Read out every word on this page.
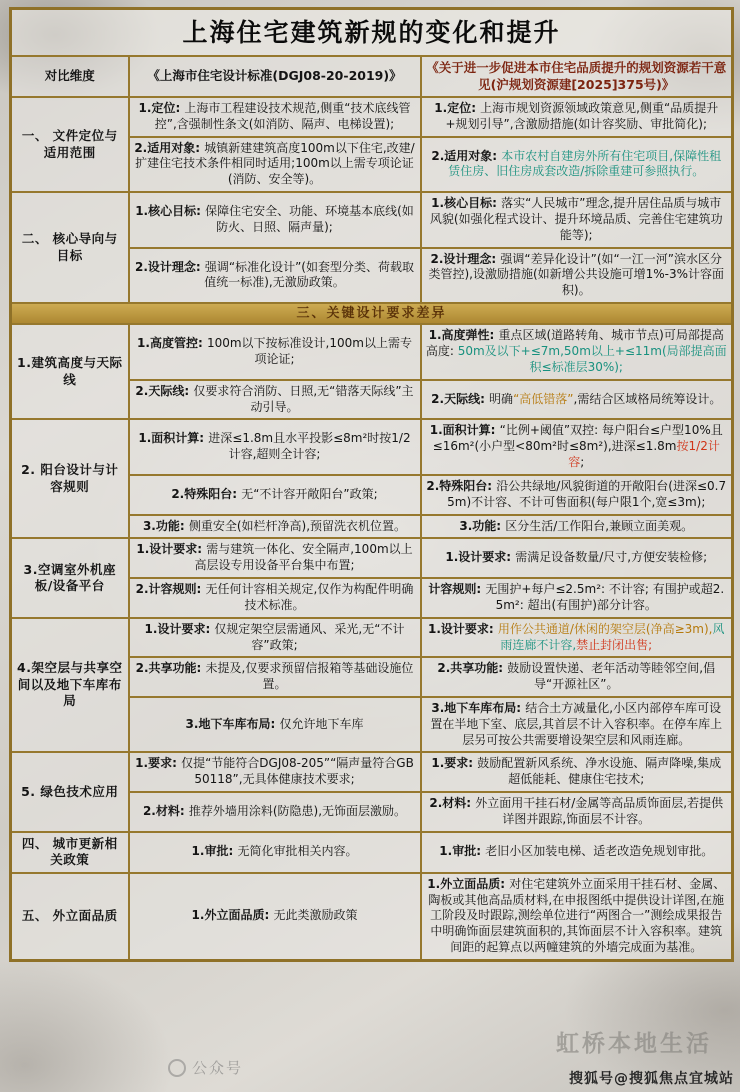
上海住宅建筑新规的变化和提升		
对比维度	《上海市住宅设计标准(DGJ08-20-2019)》	《关于进一步促进本市住宅品质提升的规划资源若干意见(沪规划资源建[2025]375号)》
一、 文件定位与适用范围	1.定位: 上海市工程建设技术规范,侧重“技术底线管控”,含强制性条文(如消防、隔声、电梯设置);	1.定位: 上海市规划资源领域政策意见,侧重“品质提升+规划引导”,含激励措施(如计容奖励、审批简化);
	2.适用对象: 城镇新建建筑高度100m以下住宅,改建/扩建住宅技术条件相同时适用;100m以上需专项论证(消防、安全等)。	2.适用对象: 本市农村自建房外所有住宅项目,保障性租赁住房、旧住房成套改造/拆除重建可参照执行。
二、 核心导向与目标	1.核心目标: 保障住宅安全、功能、环境基本底线(如防火、日照、隔声量);	1.核心目标: 落实“人民城市”理念,提升居住品质与城市风貌(如强化程式设计、提升环境品质、完善住宅建筑功能等);
	2.设计理念: 强调“标准化设计”(如套型分类、荷载取值统一标准),无激励政策。	2.设计理念: 强调“差异化设计”(如“一江一河”滨水区分类管控),设激励措施(如新增公共设施可增1%-3%计容面积)。
三、关键设计要求差异		
1.建筑高度与天际线	1.高度管控: 100m以下按标准设计,100m以上需专项论证;	1.高度弹性: 重点区域(道路转角、城市节点)可局部提高高度: 50m及以下+≤7m,50m以上+≤11m(局部提高面积≤标准层30%);
	2.天际线: 仅要求符合消防、日照,无“错落天际线”主动引导。	2.天际线: 明确“高低错落”,需结合区域格局统筹设计。
2. 阳台设计与计容规则	1.面积计算: 进深≤1.8m且水平投影≤8m²时按1/2计容,超则全计容;	1.面积计算: “比例+阈值”双控: 每户阳台≤户型10%且≤16m²(小户型<80m²时≤8m²),进深≤1.8m按1/2计容;
	2.特殊阳台: 无“不计容开敞阳台”政策;	2.特殊阳台: 沿公共绿地/风貌街道的开敞阳台(进深≤0.75m)不计容、不计可售面积(每户限1个,宽≤3m);
	3.功能: 侧重安全(如栏杆净高),预留洗衣机位置。	3.功能: 区分生活/工作阳台,兼顾立面美观。
3.空调室外机座板/设备平台	1.设计要求: 需与建筑一体化、安全隔声,100m以上高层设专用设备平台集中布置;	1.设计要求: 需满足设备数量/尺寸,方便安装检修;
	2.计容规则: 无任何计容相关规定,仅作为构配件明确技术标准。	计容规则: 无围护+每户≤2.5m²: 不计容; 有围护或超2.5m²: 超出(有围护)部分计容。
4.架空层与共享空间以及地下车库布局	1.设计要求: 仅规定架空层需通风、采光,无“不计容”政策;	1.设计要求: 用作公共通道/休闲的架空层(净高≥3m),风雨连廊不计容,禁止封闭出售;
	2.共享功能: 未提及,仅要求预留信报箱等基础设施位置。	2.共享功能: 鼓励设置快递、老年活动等睦邻空间,倡导“开源社区”。
	3.地下车库布局: 仅允许地下车库	3.地下车库布局: 结合土方减量化,小区内部停车库可设置在半地下室、底层,其首层不计入容积率。在停车库上层另可按公共需要增设架空层和风雨连廊。
5. 绿色技术应用	1.要求: 仅提“节能符合DGJ08-205”“隔声量符合GB50118”,无具体健康技术要求;	1.要求: 鼓励配置新风系统、净水设施、隔声降噪,集成超低能耗、健康住宅技术;
	2.材料: 推荐外墙用涂料(防隐患),无饰面层激励。	2.材料: 外立面用干挂石材/金属等高品质饰面层,若提供详图并跟踪,饰面层不计容。
四、 城市更新相关政策	1.审批: 无简化审批相关内容。	1.审批: 老旧小区加装电梯、适老改造免规划审批。
五、 外立面品质	1.外立面品质: 无此类激励政策	1.外立面品质: 对住宅建筑外立面采用干挂石材、金属、陶板或其他高品质材料,在申报图纸中提供设计详图,在施工阶段及时跟踪,测绘单位进行“两图合一”测绘成果报告中明确饰面层建筑面积的,其饰面层不计入容积率。建筑间距的起算点以两幢建筑的外墙完成面为基准。
公众号
虹桥本地生活
搜狐号@搜狐焦点宜城站
